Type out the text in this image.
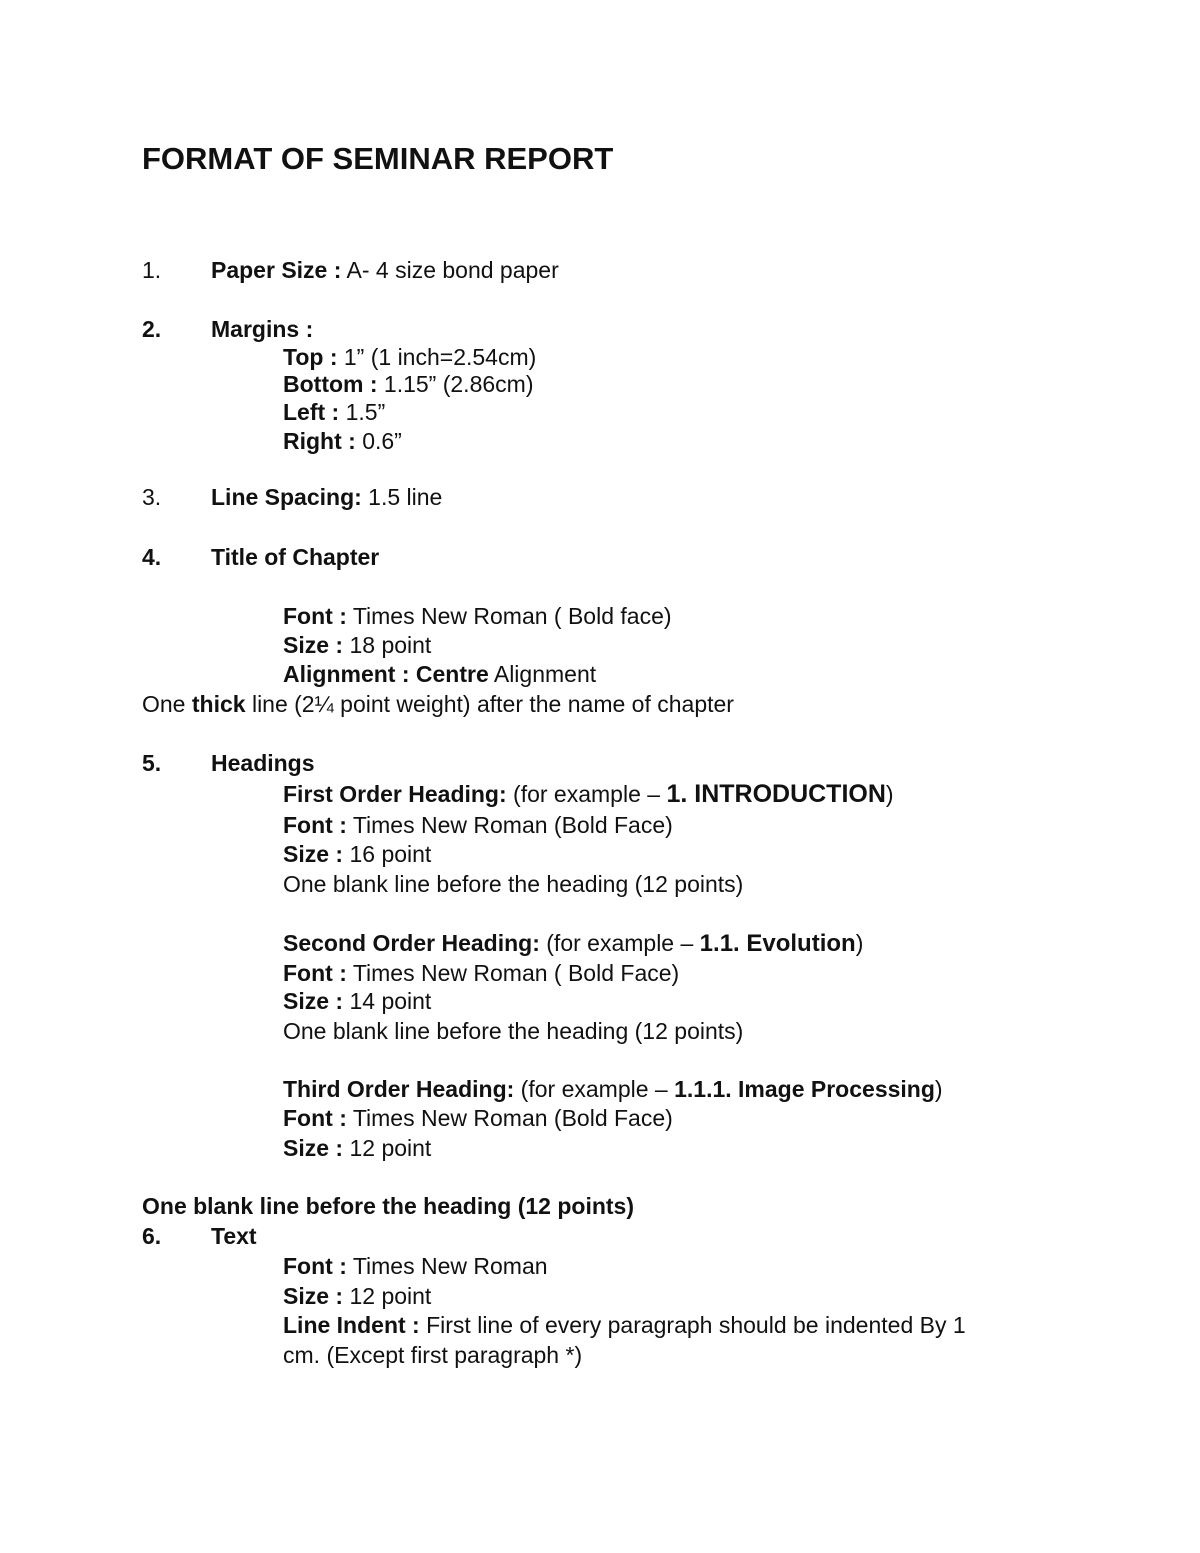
FORMAT OF SEMINAR REPORT
1. Paper Size : A- 4 size bond paper
2. Margins :
Top : 1” (1 inch=2.54cm)
Bottom : 1.15” (2.86cm)
Left : 1.5”
Right : 0.6”
3. Line Spacing: 1.5 line
4. Title of Chapter
Font : Times New Roman ( Bold face)
Size : 18 point
Alignment : Centre Alignment
One thick line (2¼ point weight) after the name of chapter
5. Headings
First Order Heading: (for example – 1. INTRODUCTION)
Font : Times New Roman (Bold Face)
Size : 16 point
One blank line before the heading (12 points)
Second Order Heading: (for example – 1.1. Evolution)
Font : Times New Roman ( Bold Face)
Size : 14 point
One blank line before the heading (12 points)
Third Order Heading: (for example – 1.1.1. Image Processing)
Font : Times New Roman (Bold Face)
Size : 12 point
One blank line before the heading (12 points)
6. Text
Font : Times New Roman
Size : 12 point
Line Indent : First line of every paragraph should be indented By 1
cm. (Except first paragraph *)
